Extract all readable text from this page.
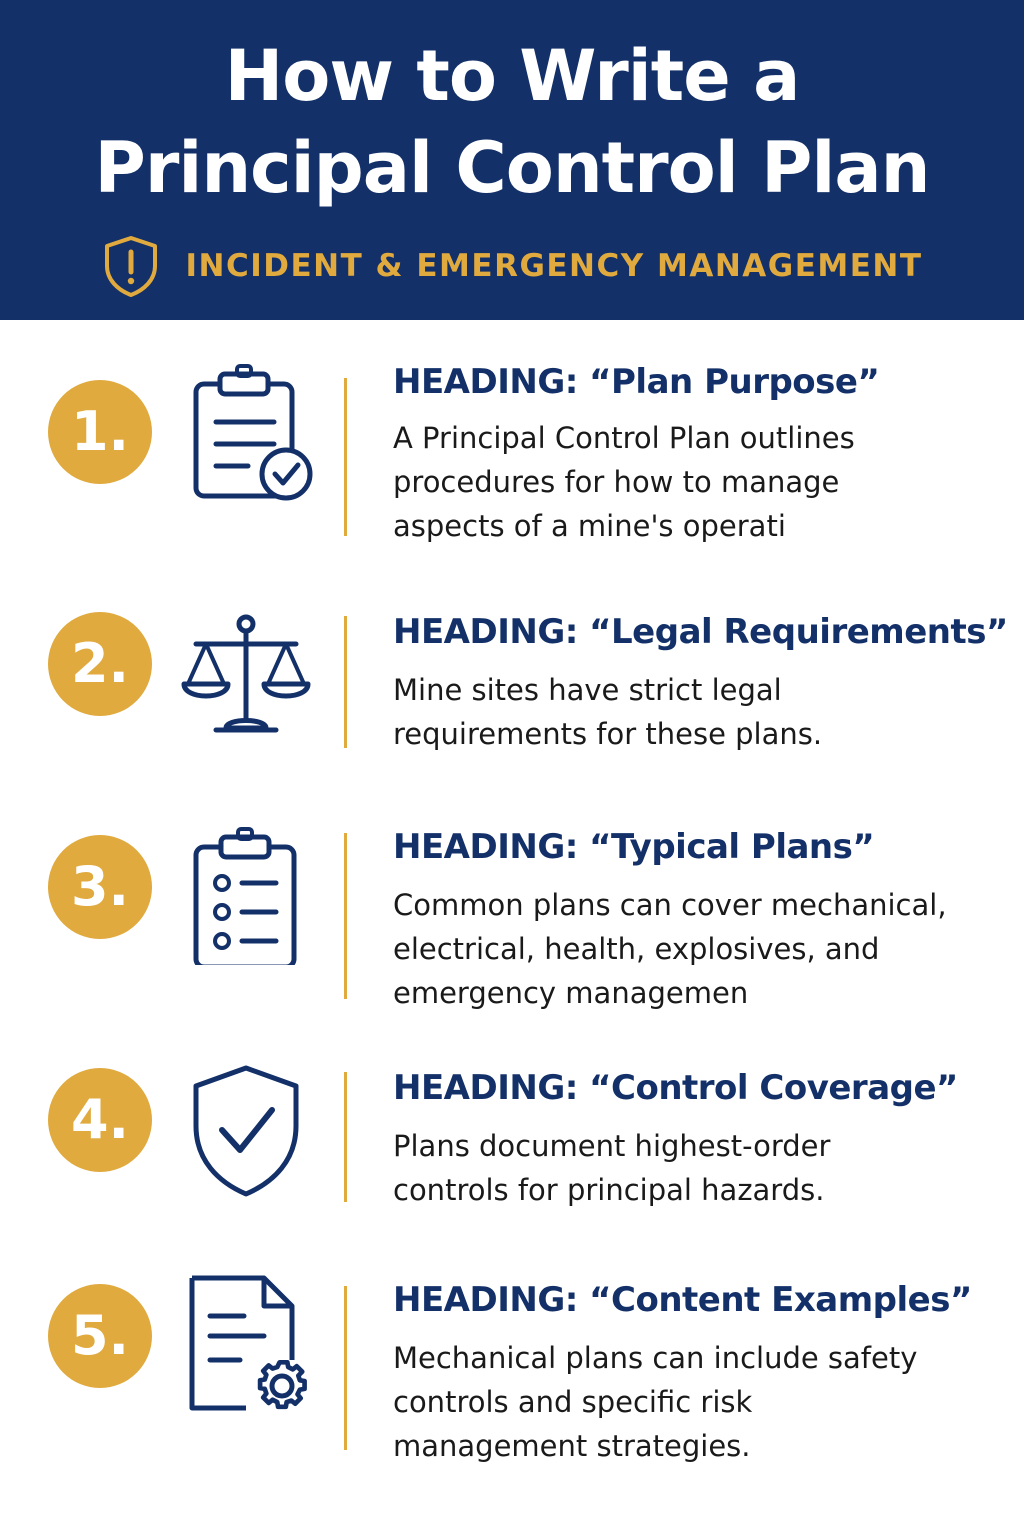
How to Write a
Principal Control Plan
INCIDENT & EMERGENCY MANAGEMENT
1.
HEADING: “Plan Purpose”
A Principal Control Plan outlines
procedures for how to manage
aspects of a mine's operati
2.	HEADING: “Legal Requirements”
Mine sites have strict legal
requirements for these plans.
3.
HEADING: “Typical Plans”
Common plans can cover mechanical,
electrical, health, explosives, and
emergency managemen
4.	HEADING: “Control Coverage”
Plans document highest-order
controls for principal hazards.
5.
HEADING: “Content Examples”
Mechanical plans can include safety
controls and specific risk
management strategies.
